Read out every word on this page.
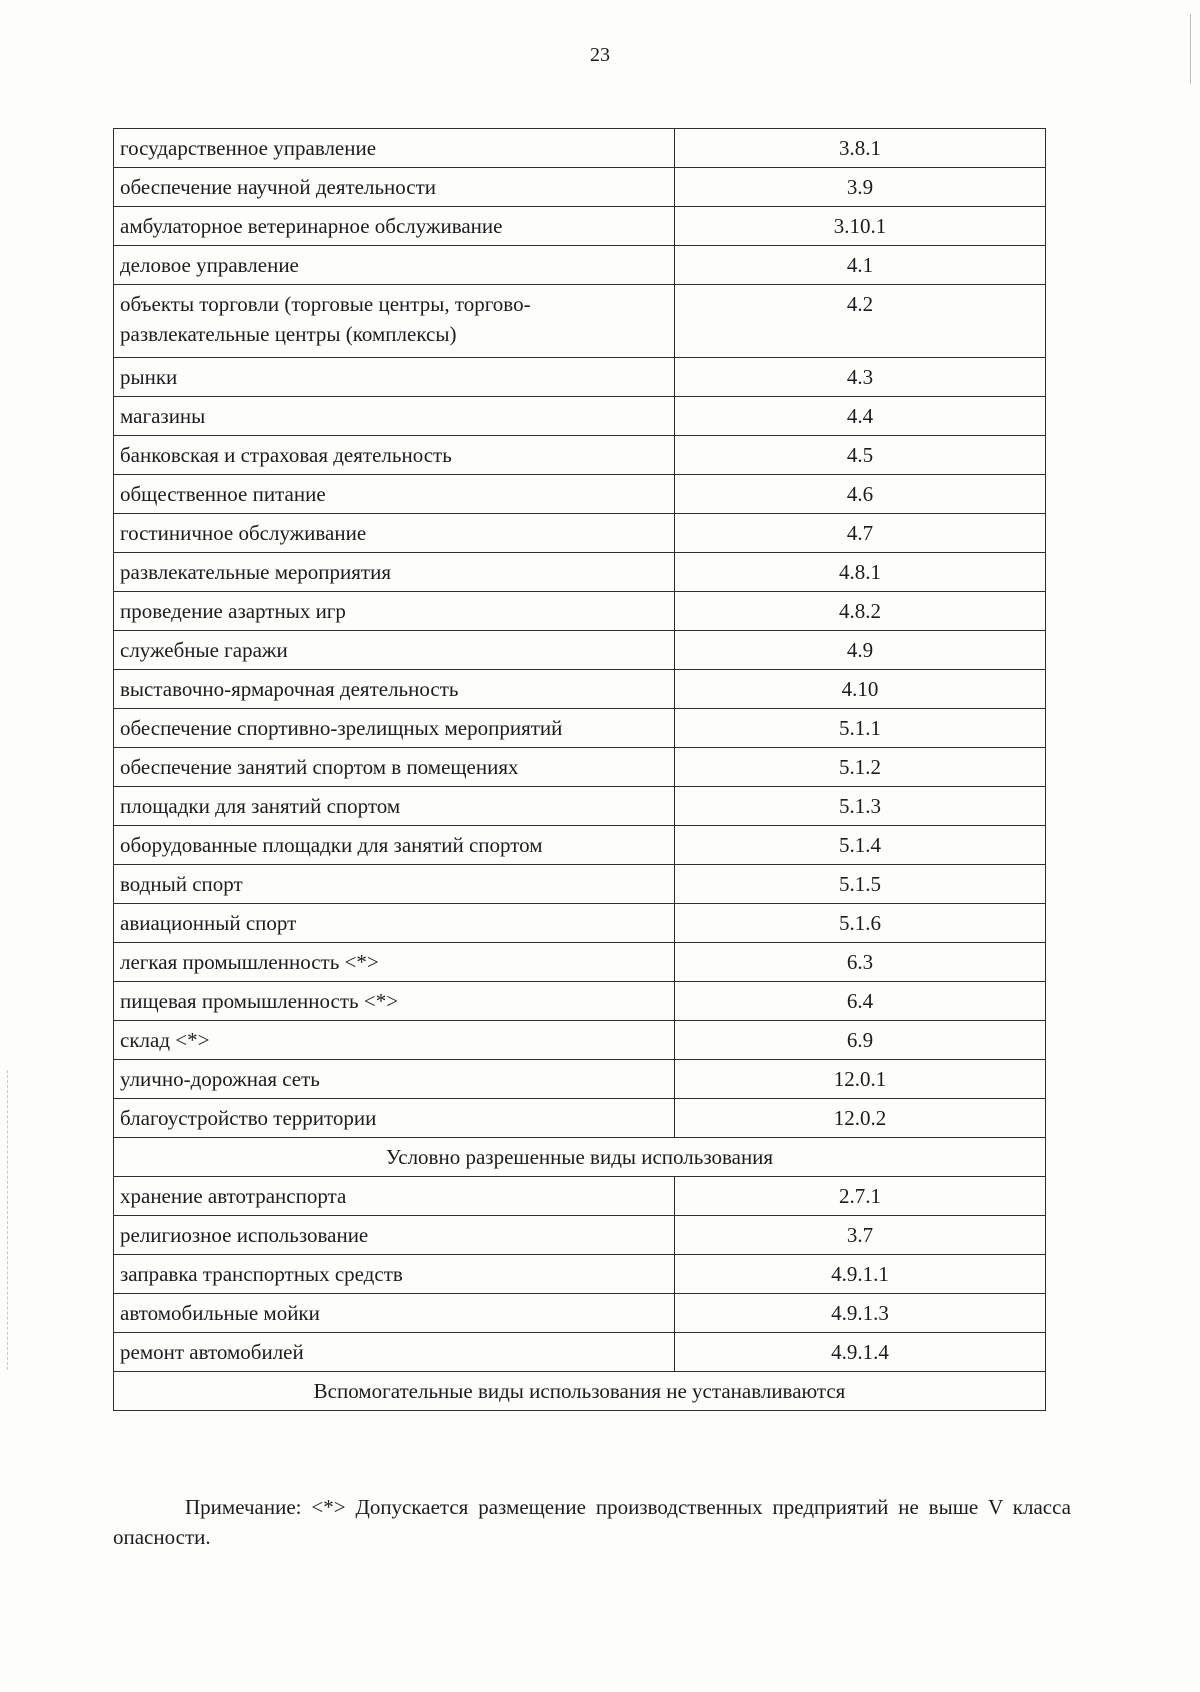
23
государственное управление	3.8.1
обеспечение научной деятельности	3.9
амбулаторное ветеринарное обслуживание	3.10.1
деловое управление	4.1
объекты торговли (торговые центры, торгово-развлекательные центры (комплексы)	4.2
рынки	4.3
магазины	4.4
банковская и страховая деятельность	4.5
общественное питание	4.6
гостиничное обслуживание	4.7
развлекательные мероприятия	4.8.1
проведение азартных игр	4.8.2
служебные гаражи	4.9
выставочно-ярмарочная деятельность	4.10
обеспечение спортивно-зрелищных мероприятий	5.1.1
обеспечение занятий спортом в помещениях	5.1.2
площадки для занятий спортом	5.1.3
оборудованные площадки для занятий спортом	5.1.4
водный спорт	5.1.5
авиационный спорт	5.1.6
легкая промышленность <*>	6.3
пищевая промышленность <*>	6.4
склад <*>	6.9
улично-дорожная сеть	12.0.1
благоустройство территории	12.0.2
Условно разрешенные виды использования	
хранение автотранспорта	2.7.1
религиозное использование	3.7
заправка транспортных средств	4.9.1.1
автомобильные мойки	4.9.1.3
ремонт автомобилей	4.9.1.4
Вспомогательные виды использования не устанавливаются	
Примечание: <*> Допускается размещение производственных предприятий не выше V класса опасности.
